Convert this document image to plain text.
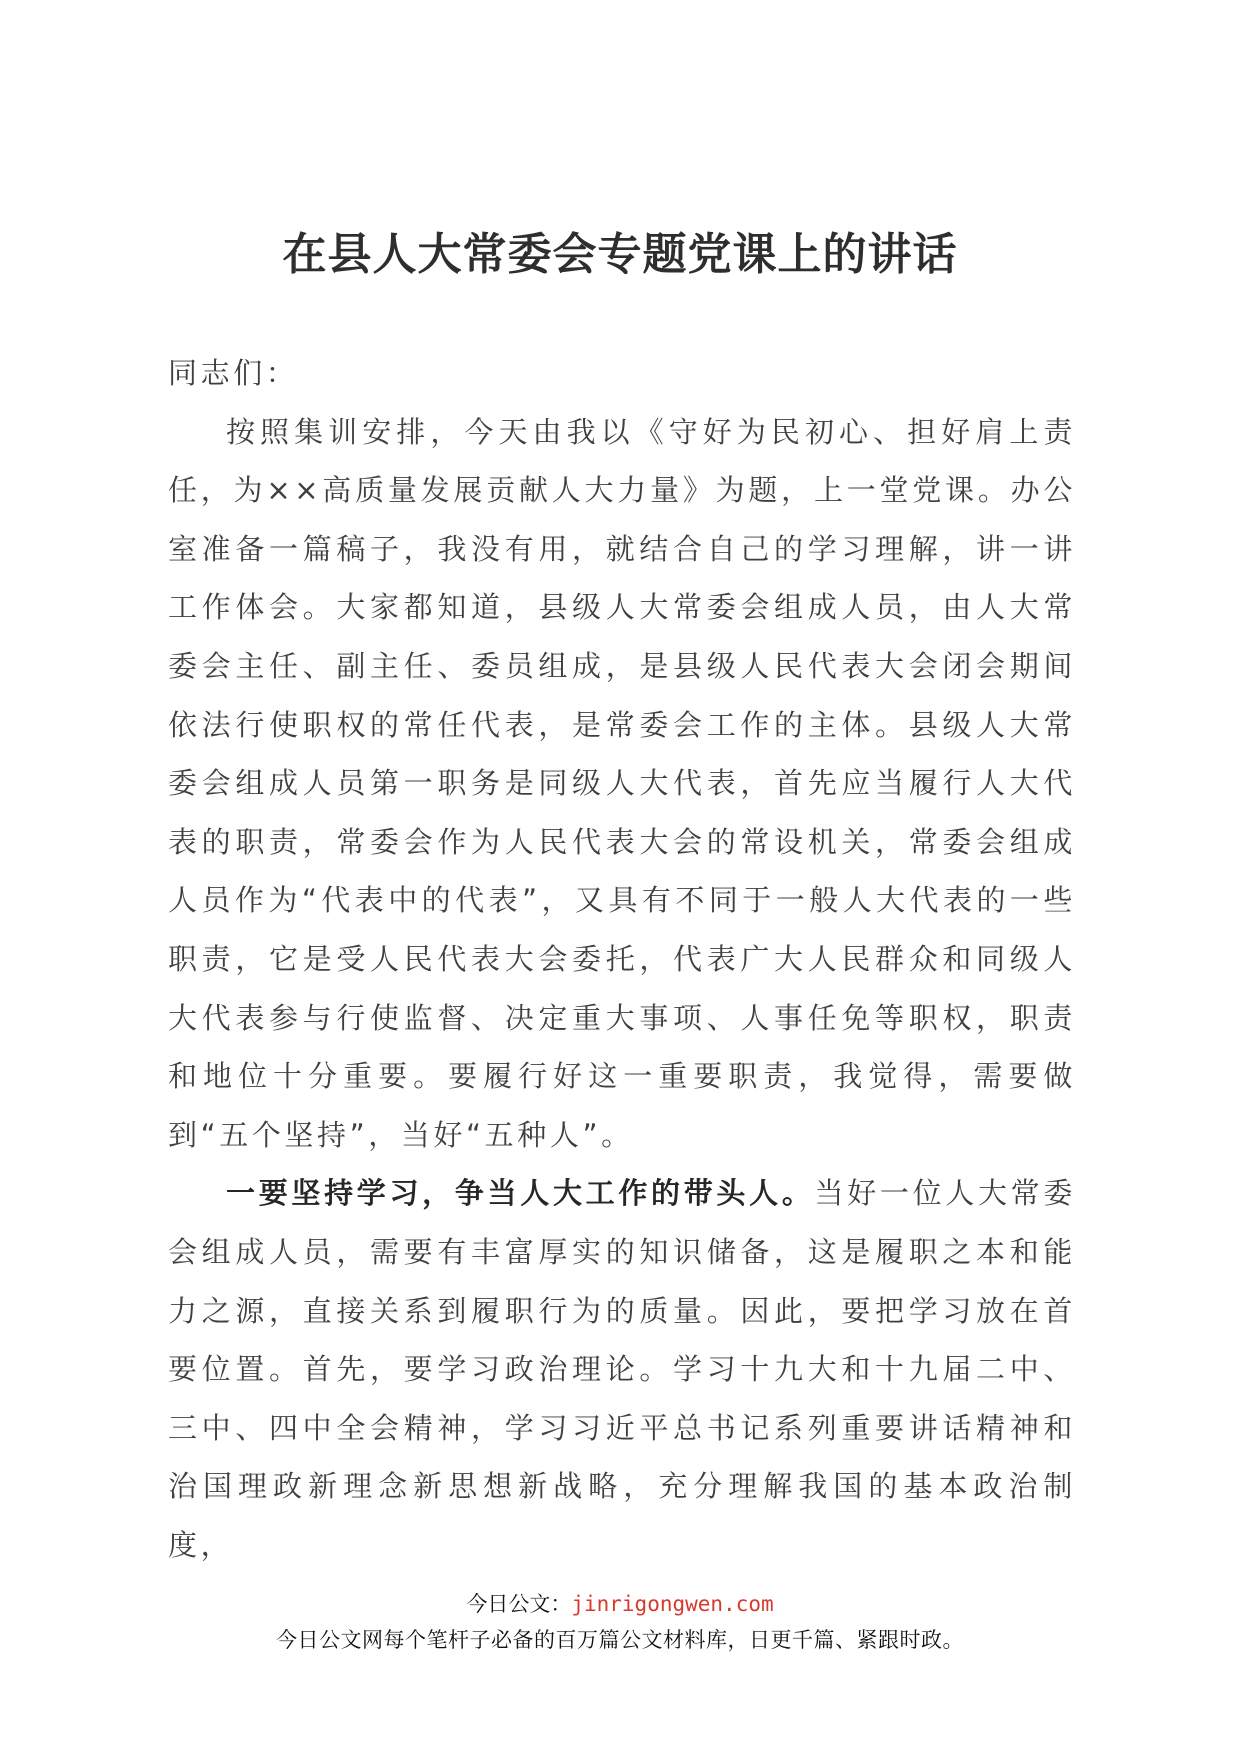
在县人大常委会专题党课上的讲话

同志们：

按照集训安排，今天由我以《守好为民初心、担好肩上责任，为××高质量发展贡献人大力量》为题，上一堂党课。办公室准备一篇稿子，我没有用，就结合自己的学习理解，讲一讲工作体会。大家都知道，县级人大常委会组成人员，由人大常委会主任、副主任、委员组成，是县级人民代表大会闭会期间依法行使职权的常任代表，是常委会工作的主体。县级人大常委会组成人员第一职务是同级人大代表，首先应当履行人大代表的职责，常委会作为人民代表大会的常设机关，常委会组成人员作为“代表中的代表”，又具有不同于一般人大代表的一些职责，它是受人民代表大会委托，代表广大人民群众和同级人大代表参与行使监督、决定重大事项、人事任免等职权，职责和地位十分重要。要履行好这一重要职责，我觉得，需要做到“五个坚持”，当好“五种人”。

一要坚持学习，争当人大工作的带头人。当好一位人大常委会组成人员，需要有丰富厚实的知识储备，这是履职之本和能力之源，直接关系到履职行为的质量。因此，要把学习放在首要位置。首先，要学习政治理论。学习十九大和十九届二中、三中、四中全会精神，学习习近平总书记系列重要讲话精神和治国理政新理念新思想新战略，充分理解我国的基本政治制度，

今日公文：jinrigongwen.com
今日公文网每个笔杆子必备的百万篇公文材料库，日更千篇、紧跟时政。
